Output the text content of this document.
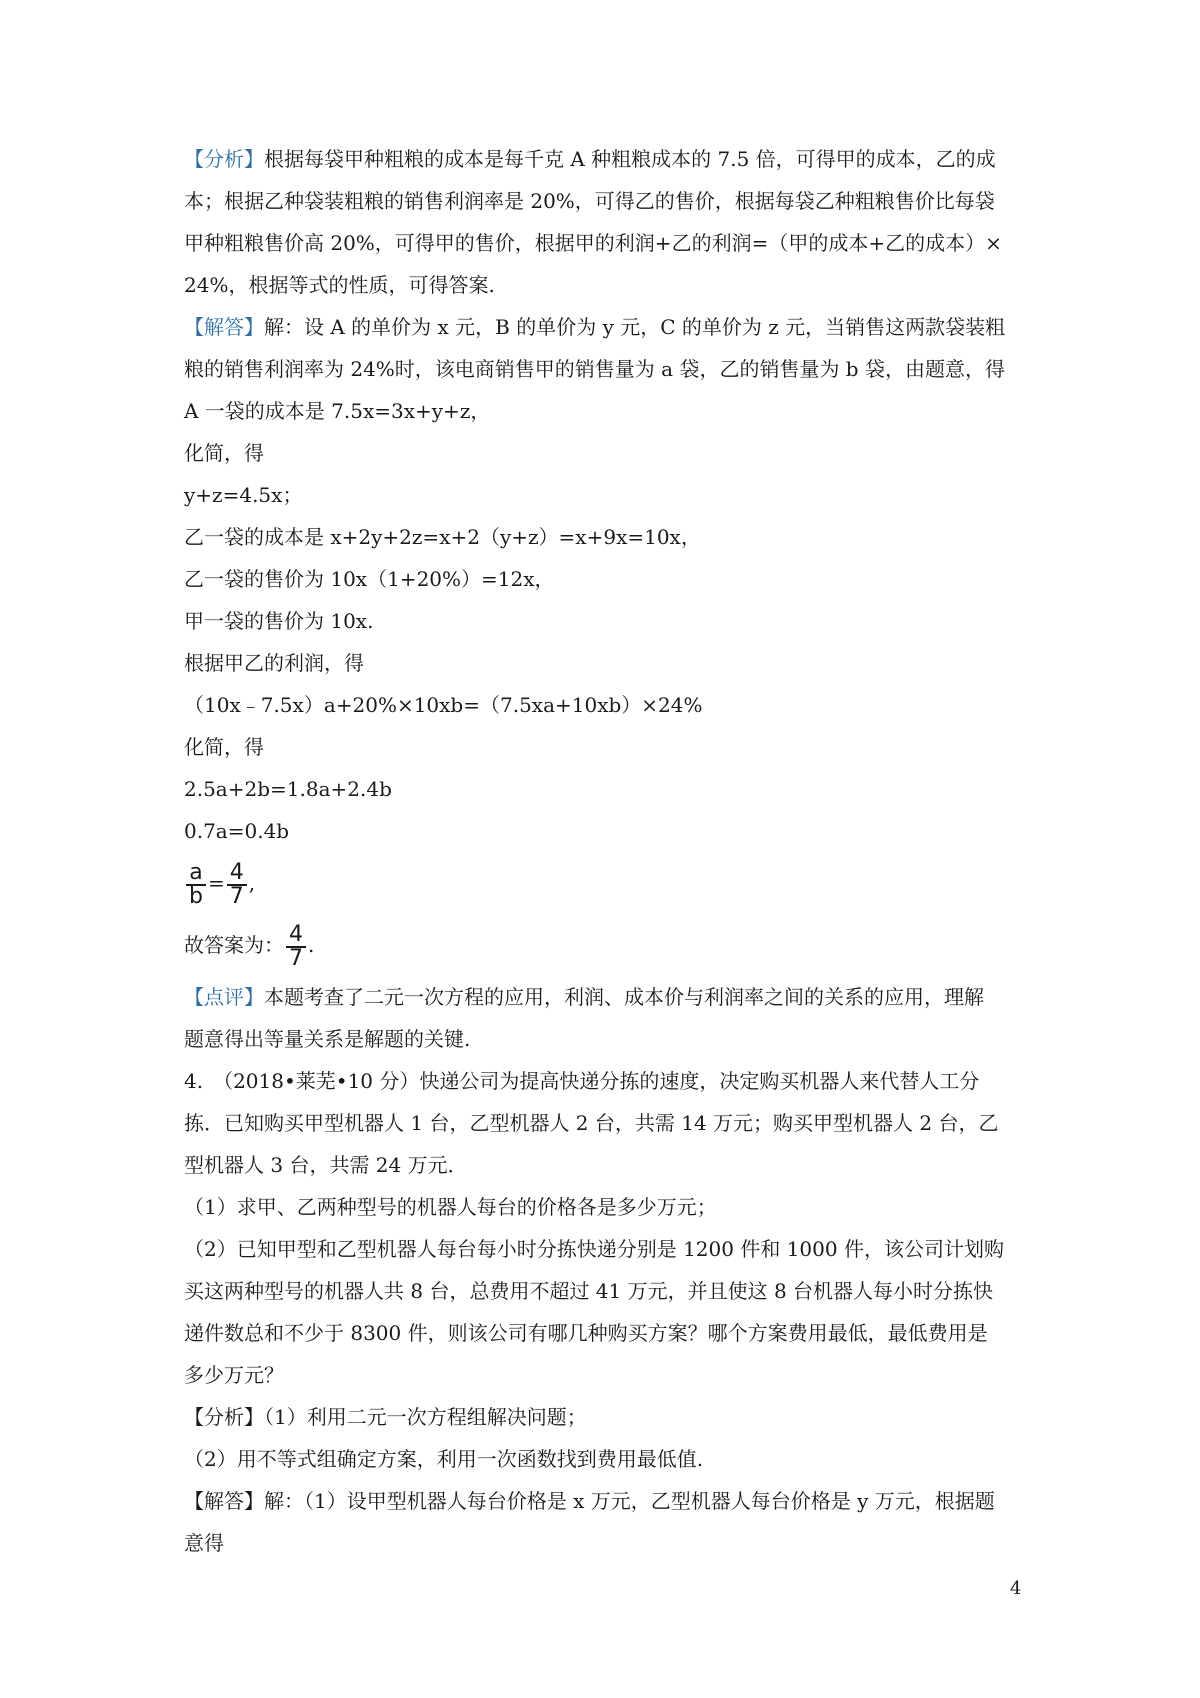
【分析】根据每袋甲种粗粮的成本是每千克 A 种粗粮成本的 7.5 倍，可得甲的成本，乙的成
本；根据乙种袋装粗粮的销售利润率是 20%，可得乙的售价，根据每袋乙种粗粮售价比每袋
甲种粗粮售价高 20%，可得甲的售价，根据甲的利润+乙的利润=（甲的成本+乙的成本）×
24%，根据等式的性质，可得答案.
【解答】解：设 A 的单价为 x 元，B 的单价为 y 元，C 的单价为 z 元，当销售这两款袋装粗
粮的销售利润率为 24%时，该电商销售甲的销售量为 a 袋，乙的销售量为 b 袋，由题意，得
A 一袋的成本是 7.5x=3x+y+z，
化简，得
y+z=4.5x；
乙一袋的成本是 x+2y+2z=x+2（y+z）=x+9x=10x，
乙一袋的售价为 10x（1+20%）=12x，
甲一袋的售价为 10x.
根据甲乙的利润，得
（10x﹣7.5x）a+20%×10xb=（7.5xa+10xb）×24%
化简，得
2.5a+2b=1.8a+2.4b
0.7a=0.4b
$\frac{a}{b} = \frac{4}{7}$ ,
故答案为： $\frac{4}{7}$ .
【点评】本题考查了二元一次方程的应用，利润、成本价与利润率之间的关系的应用，理解
题意得出等量关系是解题的关键.
4.　（2018•莱芜•10 分）快递公司为提高快递分拣的速度，决定购买机器人来代替人工分
拣．已知购买甲型机器人 1 台，乙型机器人 2 台，共需 14 万元；购买甲型机器人 2 台，乙
型机器人 3 台，共需 24 万元．
（1）求甲、乙两种型号的机器人每台的价格各是多少万元；
（2）已知甲型和乙型机器人每台每小时分拣快递分别是 1200 件和 1000 件，该公司计划购
买这两种型号的机器人共 8 台，总费用不超过 41 万元，并且使这 8 台机器人每小时分拣快
递件数总和不少于 8300 件，则该公司有哪几种购买方案？哪个方案费用最低，最低费用是
多少万元？
【分析】（1）利用二元一次方程组解决问题；
（2）用不等式组确定方案，利用一次函数找到费用最低值.
【解答】解：（1）设甲型机器人每台价格是 x 万元，乙型机器人每台价格是 y 万元，根据题
意得
4
